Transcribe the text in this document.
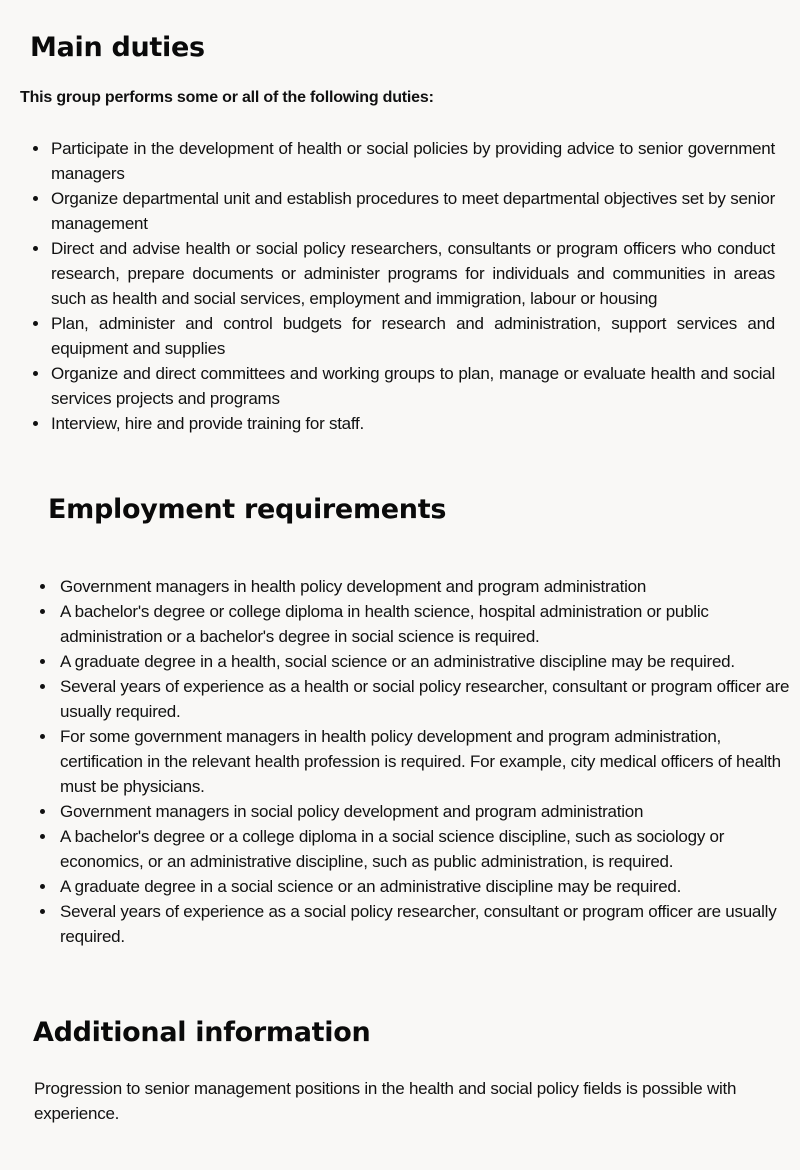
Main duties

This group performs some or all of the following duties:

Participate in the development of health or social policies by providing advice to senior government managers
Organize departmental unit and establish procedures to meet departmental objectives set by senior management
Direct and advise health or social policy researchers, consultants or program officers who conduct research, prepare documents or administer programs for individuals and communities in areas such as health and social services, employment and immigration, labour or housing
Plan, administer and control budgets for research and administration, support services and equipment and supplies
Organize and direct committees and working groups to plan, manage or evaluate health and social services projects and programs
Interview, hire and provide training for staff.
Employment requirements
Government managers in health policy development and program administration
A bachelor's degree or college diploma in health science, hospital administration or public administration or a bachelor's degree in social science is required.
A graduate degree in a health, social science or an administrative discipline may be required.
Several years of experience as a health or social policy researcher, consultant or program officer are usually required.
For some government managers in health policy development and program administration, certification in the relevant health profession is required. For example, city medical officers of health must be physicians.
Government managers in social policy development and program administration
A bachelor's degree or a college diploma in a social science discipline, such as sociology or economics, or an administrative discipline, such as public administration, is required.
A graduate degree in a social science or an administrative discipline may be required.
Several years of experience as a social policy researcher, consultant or program officer are usually required.
Additional information

Progression to senior management positions in the health and social policy fields is possible with experience.
